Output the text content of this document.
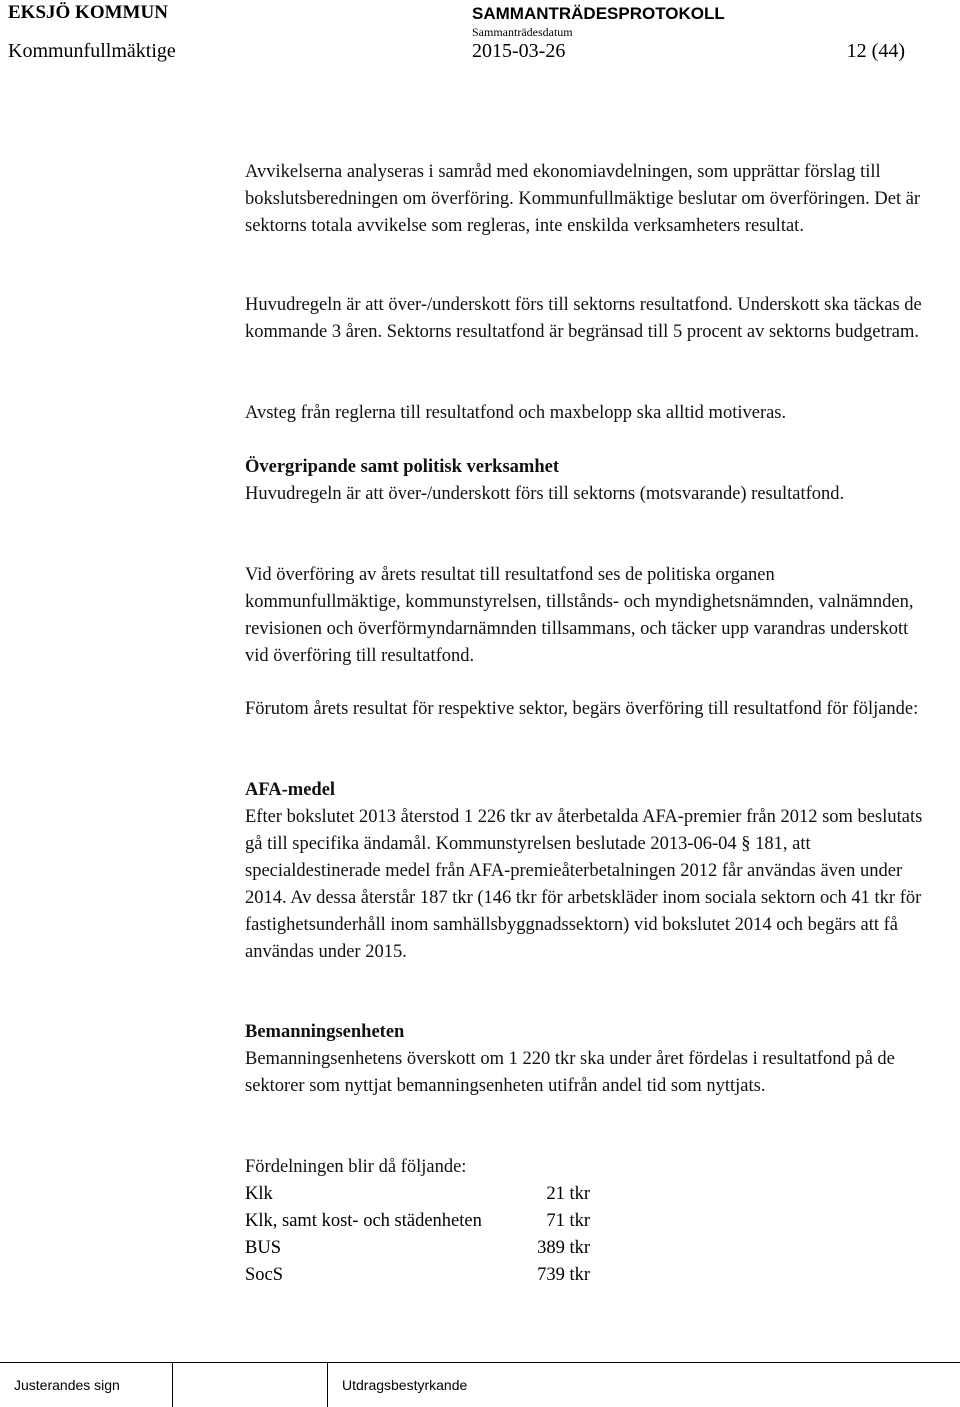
EKSJÖ KOMMUN	SAMMANTRÄDESPROTOKOLL
Sammanträdesdatum
Kommunfullmäktige	2015-03-26	12 (44)

Avvikelserna analyseras i samråd med ekonomiavdelningen, som upprättar förslag till bokslutsberedningen om överföring. Kommunfullmäktige beslutar om överföringen. Det är sektorns totala avvikelse som regleras, inte enskilda verksamheters resultat.

Huvudregeln är att över-/underskott förs till sektorns resultatfond. Underskott ska täckas de kommande 3 åren. Sektorns resultatfond är begränsad till 5 procent av sektorns budgetram.

Avsteg från reglerna till resultatfond och maxbelopp ska alltid motiveras.

Övergripande samt politisk verksamhet

Huvudregeln är att över-/underskott förs till sektorns (motsvarande) resultatfond.

Vid överföring av årets resultat till resultatfond ses de politiska organen kommunfullmäktige, kommunstyrelsen, tillstånds- och myndighetsnämnden, valnämnden, revisionen och överförmyndarnämnden tillsammans, och täcker upp varandras underskott vid överföring till resultatfond.

Förutom årets resultat för respektive sektor, begärs överföring till resultatfond för följande:

AFA-medel

Efter bokslutet 2013 återstod 1 226 tkr av återbetalda AFA-premier från 2012 som beslutats gå till specifika ändamål. Kommunstyrelsen beslutade 2013-06-04 § 181, att specialdestinerade medel från AFA-premieåterbetalningen 2012 får användas även under 2014. Av dessa återstår 187 tkr (146 tkr för arbetskläder inom sociala sektorn och 41 tkr för fastighetsunderhåll inom samhällsbyggnadssektorn) vid bokslutet 2014 och begärs att få användas under 2015.

Bemanningsenheten

Bemanningsenhetens överskott om 1 220 tkr ska under året fördelas i resultatfond på de sektorer som nyttjat bemanningsenheten utifrån andel tid som nyttjats.

Fördelningen blir då följande:

Klk	21 tkr
Klk, samt kost- och städenheten	71 tkr
BUS	389 tkr
SocS	739 tkr
Justerandes sign	Utdragsbestyrkande
